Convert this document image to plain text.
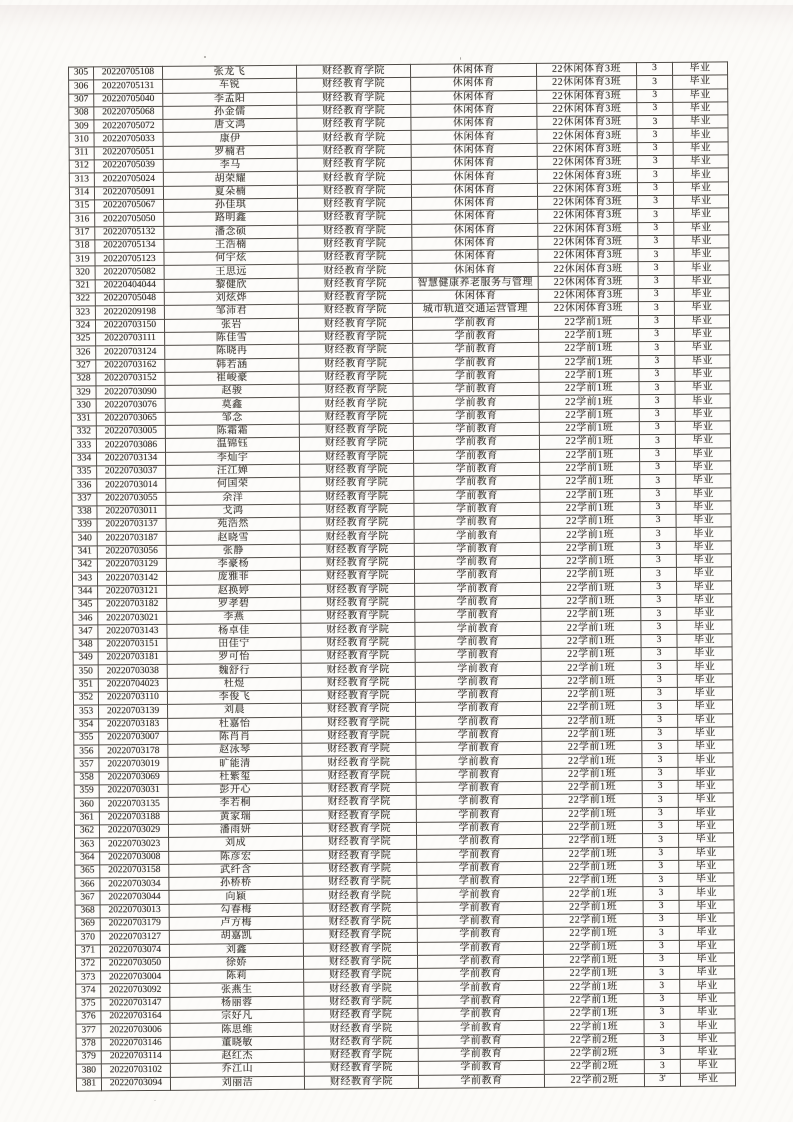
305	20220705108	张龙飞	财经教育学院	休闲体育	22休闲体育3班	3	毕业
306	20220705131	车锐	财经教育学院	休闲体育	22休闲体育3班	3	毕业
307	20220705040	李孟阳	财经教育学院	休闲体育	22休闲体育3班	3	毕业
308	20220705068	孙金儒	财经教育学院	休闲体育	22休闲体育3班	3	毕业
309	20220705072	唐文鸿	财经教育学院	休闲体育	22休闲体育3班	3	毕业
310	20220705033	康伊	财经教育学院	休闲体育	22休闲体育3班	3	毕业
311	20220705051	罗楠君	财经教育学院	休闲体育	22休闲体育3班	3	毕业
312	20220705039	李马	财经教育学院	休闲体育	22休闲体育3班	3	毕业
313	20220705024	胡荣耀	财经教育学院	休闲体育	22休闲体育3班	3	毕业
314	20220705091	夏朵楠	财经教育学院	休闲体育	22休闲体育3班	3	毕业
315	20220705067	孙佳琪	财经教育学院	休闲体育	22休闲体育3班	3	毕业
316	20220705050	路明鑫	财经教育学院	休闲体育	22休闲体育3班	3	毕业
317	20220705132	潘念硕	财经教育学院	休闲体育	22休闲体育3班	3	毕业
318	20220705134	王浩楠	财经教育学院	休闲体育	22休闲体育3班	3	毕业
319	20220705123	何宇炫	财经教育学院	休闲体育	22休闲体育3班	3	毕业
320	20220705082	王思远	财经教育学院	休闲体育	22休闲体育3班	3	毕业
321	20220404044	黎健欣	财经教育学院	智慧健康养老服务与管理	22休闲体育3班	3	毕业
322	20220705048	刘炫烨	财经教育学院	休闲体育	22休闲体育3班	3	毕业
323	20220209198	邹沛君	财经教育学院	城市轨道交通运营管理	22休闲体育3班	3	毕业
324	20220703150	张岩	财经教育学院	学前教育	22学前1班	3	毕业
325	20220703111	陈佳雪	财经教育学院	学前教育	22学前1班	3	毕业
326	20220703124	陈晓冉	财经教育学院	学前教育	22学前1班	3	毕业
327	20220703162	韩若涵	财经教育学院	学前教育	22学前1班	3	毕业
328	20220703152	崔峻豪	财经教育学院	学前教育	22学前1班	3	毕业
329	20220703090	赵骏	财经教育学院	学前教育	22学前1班	3	毕业
330	20220703076	莫鑫	财经教育学院	学前教育	22学前1班	3	毕业
331	20220703065	邹念	财经教育学院	学前教育	22学前1班	3	毕业
332	20220703005	陈霜霜	财经教育学院	学前教育	22学前1班	3	毕业
333	20220703086	温锦钰	财经教育学院	学前教育	22学前1班	3	毕业
334	20220703134	李灿宇	财经教育学院	学前教育	22学前1班	3	毕业
335	20220703037	汪江婵	财经教育学院	学前教育	22学前1班	3	毕业
336	20220703014	何国荣	财经教育学院	学前教育	22学前1班	3	毕业
337	20220703055	余洋	财经教育学院	学前教育	22学前1班	3	毕业
338	20220703011	戈鸿	财经教育学院	学前教育	22学前1班	3	毕业
339	20220703137	苑浩然	财经教育学院	学前教育	22学前1班	3	毕业
340	20220703187	赵晓雪	财经教育学院	学前教育	22学前1班	3	毕业
341	20220703056	张静	财经教育学院	学前教育	22学前1班	3	毕业
342	20220703129	李豪杨	财经教育学院	学前教育	22学前1班	3	毕业
343	20220703142	庞雅菲	财经教育学院	学前教育	22学前1班	3	毕业
344	20220703121	赵换婷	财经教育学院	学前教育	22学前1班	3	毕业
345	20220703182	罗孝碧	财经教育学院	学前教育	22学前1班	3	毕业
346	20220703021	李燕	财经教育学院	学前教育	22学前1班	3	毕业
347	20220703143	杨卓佳	财经教育学院	学前教育	22学前1班	3	毕业
348	20220703151	田佳宁	财经教育学院	学前教育	22学前1班	3	毕业
349	20220703181	罗可怡	财经教育学院	学前教育	22学前1班	3	毕业
350	20220703038	魏舒行	财经教育学院	学前教育	22学前1班	3	毕业
351	20220704023	杜煜	财经教育学院	学前教育	22学前1班	3	毕业
352	20220703110	李俊飞	财经教育学院	学前教育	22学前1班	3	毕业
353	20220703139	刘晨	财经教育学院	学前教育	22学前1班	3	毕业
354	20220703183	杜嘉怡	财经教育学院	学前教育	22学前1班	3	毕业
355	20220703007	陈肖肖	财经教育学院	学前教育	22学前1班	3	毕业
356	20220703178	赵泳琴	财经教育学院	学前教育	22学前1班	3	毕业
357	20220703019	旷能清	财经教育学院	学前教育	22学前1班	3	毕业
358	20220703069	杜紫玺	财经教育学院	学前教育	22学前1班	3	毕业
359	20220703031	彭开心	财经教育学院	学前教育	22学前1班	3	毕业
360	20220703135	李若桐	财经教育学院	学前教育	22学前1班	3	毕业
361	20220703188	黄家瑞	财经教育学院	学前教育	22学前1班	3	毕业
362	20220703029	潘雨妍	财经教育学院	学前教育	22学前1班	3	毕业
363	20220703023	刘成	财经教育学院	学前教育	22学前1班	3	毕业
364	20220703008	陈彦宏	财经教育学院	学前教育	22学前1班	3	毕业
365	20220703158	武纤含	财经教育学院	学前教育	22学前1班	3	毕业
366	20220703034	孙桥桥	财经教育学院	学前教育	22学前1班	3	毕业
367	20220703044	向颖	财经教育学院	学前教育	22学前1班	3	毕业
368	20220703013	勾春梅	财经教育学院	学前教育	22学前1班	3	毕业
369	20220703179	卢方梅	财经教育学院	学前教育	22学前1班	3	毕业
370	20220703127	胡嘉凯	财经教育学院	学前教育	22学前1班	3	毕业
371	20220703074	刘鑫	财经教育学院	学前教育	22学前1班	3	毕业
372	20220703050	徐娇	财经教育学院	学前教育	22学前1班	3	毕业
373	20220703004	陈莉	财经教育学院	学前教育	22学前1班	3	毕业
374	20220703092	张燕生	财经教育学院	学前教育	22学前1班	3	毕业
375	20220703147	杨丽蓉	财经教育学院	学前教育	22学前1班	3	毕业
376	20220703164	宗好凡	财经教育学院	学前教育	22学前1班	3	毕业
377	20220703006	陈思维	财经教育学院	学前教育	22学前1班	3	毕业
378	20220703146	董晓敏	财经教育学院	学前教育	22学前2班	3	毕业
379	20220703114	赵红杰	财经教育学院	学前教育	22学前2班	3	毕业
380	20220703102	乔江山	财经教育学院	学前教育	22学前2班	3	毕业
381	20220703094	刘丽洁	财经教育学院	学前教育	22学前2班	3'	毕业
